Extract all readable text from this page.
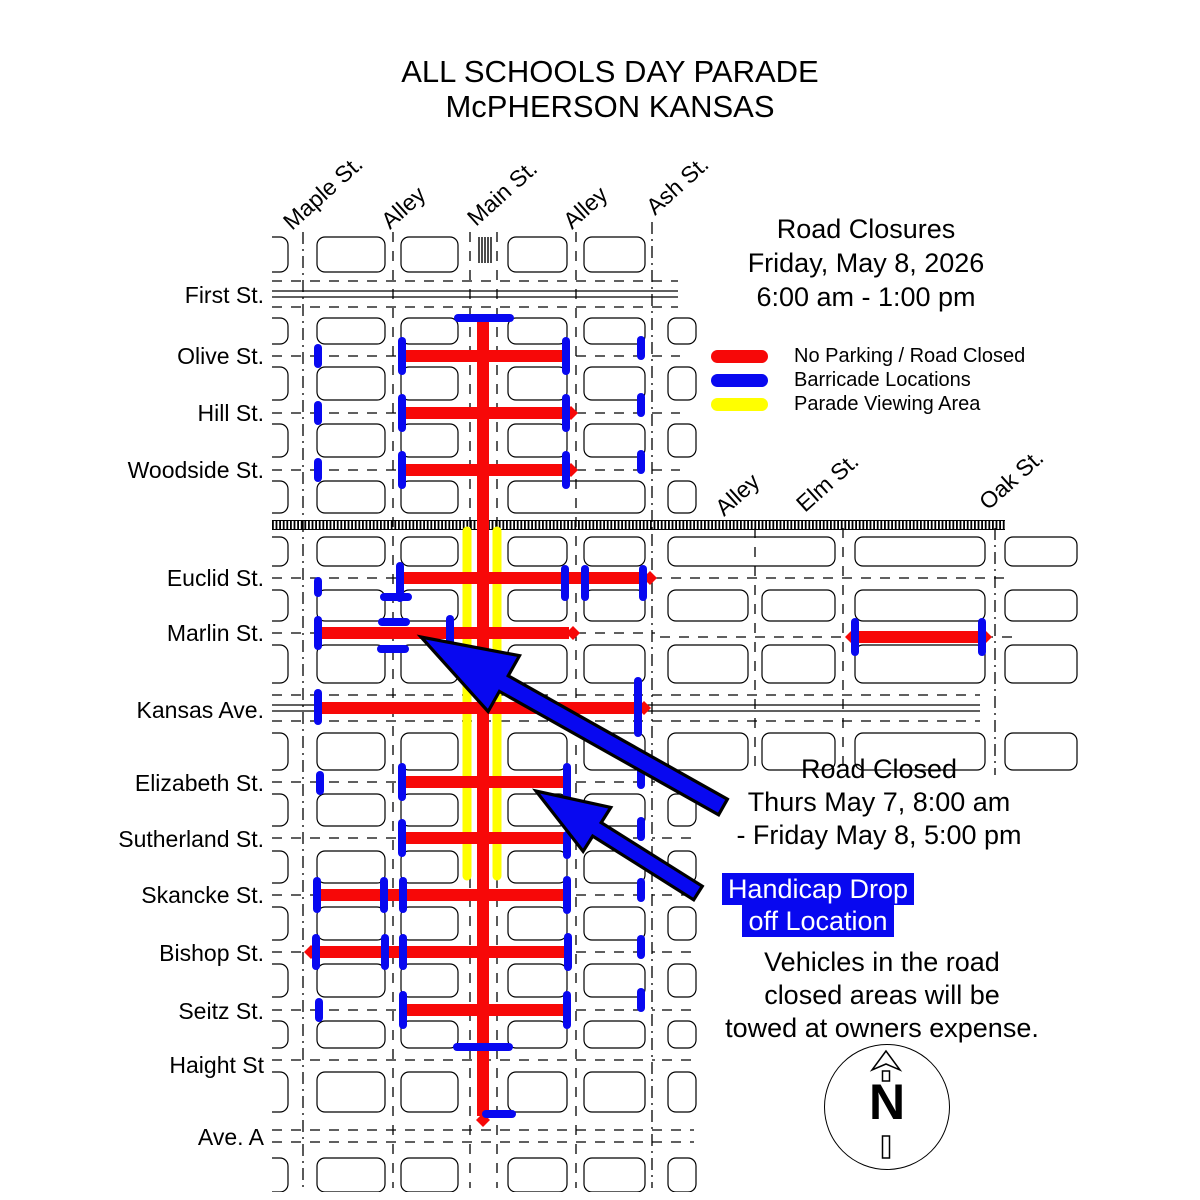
First St.
Olive St.
Hill St.
Woodside St.
Euclid St.
Marlin St.
Kansas Ave.
Elizabeth St.
Sutherland St.
Skancke St.
Bishop St.
Seitz St.
Haight St
Ave. A
Maple St. Alley Main St. Alley Ash St.
Alley Elm St.	Oak St.
ALL SCHOOLS DAY PARADE
McPHERSON KANSAS
Road Closures
Friday, May 8, 2026
6:00 am - 1:00 pm
No Parking / Road Closed
Barricade Locations
Parade Viewing Area
Road Closed
Thurs May 7, 8:00 am
- Friday May 8, 5:00 pm
Handicap Drop
off Location
Vehicles in the road
closed areas will be
towed at owners expense.
N
